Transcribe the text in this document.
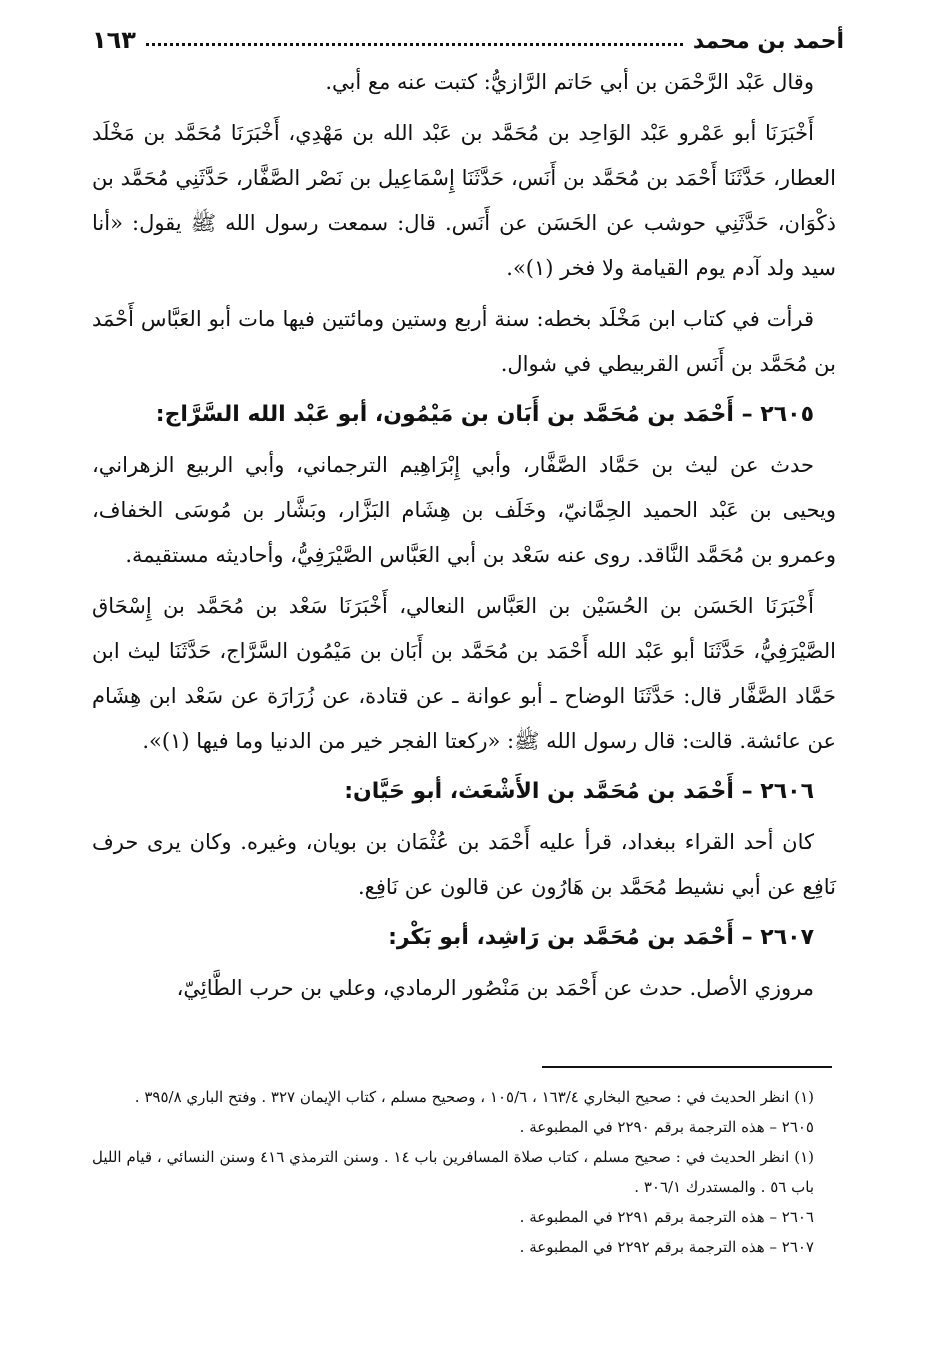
أحمد بن محمد
١٦٣

وقال عَبْد الرَّحْمَن بن أبي حَاتم الرَّازيُّ: كتبت عنه مع أبي.

أَخْبَرَنَا أبو عَمْرو عَبْد الوَاحِد بن مُحَمَّد بن عَبْد الله بن مَهْدِي، أَخْبَرَنَا مُحَمَّد بن مَخْلَد العطار، حَدَّثَنَا أَحْمَد بن مُحَمَّد بن أَنَس، حَدَّثَنَا إِسْمَاعِيل بن نَصْر الصَّفَّار، حَدَّثَنِي مُحَمَّد بن ذكْوَان، حَدَّثَنِي حوشب عن الحَسَن عن أَنَس. قال: سمعت رسول الله ﷺ يقول: «أنا سيد ولد آدم يوم القيامة ولا فخر (١)».

قرأت في كتاب ابن مَخْلَد بخطه: سنة أربع وستين ومائتين فيها مات أبو العَبَّاس أَحْمَد بن مُحَمَّد بن أَنَس القربيطي في شوال.

٢٦٠٥ – أَحْمَد بن مُحَمَّد بن أَبَان بن مَيْمُون، أبو عَبْد الله السَّرَّاج:

حدث عن ليث بن حَمَّاد الصَّفَّار، وأبي إِبْرَاهِيم الترجماني، وأبي الربيع الزهراني، ويحيى بن عَبْد الحميد الحِمَّانيّ، وخَلَف بن هِشَام البَزَّار، وبَشَّار بن مُوسَى الخفاف، وعمرو بن مُحَمَّد النَّاقد. روى عنه سَعْد بن أبي العَبَّاس الصَّيْرَفِيُّ، وأحاديثه مستقيمة.

أَخْبَرَنَا الحَسَن بن الحُسَيْن بن العَبَّاس النعالي، أَخْبَرَنَا سَعْد بن مُحَمَّد بن إِسْحَاق الصَّيْرَفِيُّ، حَدَّثَنَا أبو عَبْد الله أَحْمَد بن مُحَمَّد بن أَبَان بن مَيْمُون السَّرَّاج، حَدَّثَنَا ليث ابن حَمَّاد الصَّفَّار قال: حَدَّثَنَا الوضاح ـ أبو عوانة ـ عن قتادة، عن زُرَارَة عن سَعْد ابن هِشَام عن عائشة. قالت: قال رسول الله ﷺ: «ركعتا الفجر خير من الدنيا وما فيها (١)».

٢٦٠٦ – أَحْمَد بن مُحَمَّد بن الأَشْعَث، أبو حَيَّان:

كان أحد القراء ببغداد، قرأ عليه أَحْمَد بن عُثْمَان بن بويان، وغيره. وكان يرى حرف نَافِع عن أبي نشيط مُحَمَّد بن هَارُون عن قالون عن نَافِع.

٢٦٠٧ – أَحْمَد بن مُحَمَّد بن رَاشِد، أبو بَكْر:

مروزي الأصل. حدث عن أَحْمَد بن مَنْصُور الرمادي، وعلي بن حرب الطَّائِيّ،

(١) انظر الحديث في : صحيح البخاري ١٦٣/٤ ، ١٠٥/٦ ، وصحيح مسلم ، كتاب الإيمان ٣٢٧ . وفتح الباري ٣٩٥/٨ .

٢٦٠٥ – هذه الترجمة برقم ٢٢٩٠ في المطبوعة .

(١) انظر الحديث في : صحيح مسلم ، كتاب صلاة المسافرين باب ١٤ . وسنن الترمذي ٤١٦ وسنن النسائي ، قيام الليل باب ٥٦ . والمستدرك ٣٠٦/١ .

٢٦٠٦ – هذه الترجمة برقم ٢٢٩١ في المطبوعة .

٢٦٠٧ – هذه الترجمة برقم ٢٢٩٢ في المطبوعة .
